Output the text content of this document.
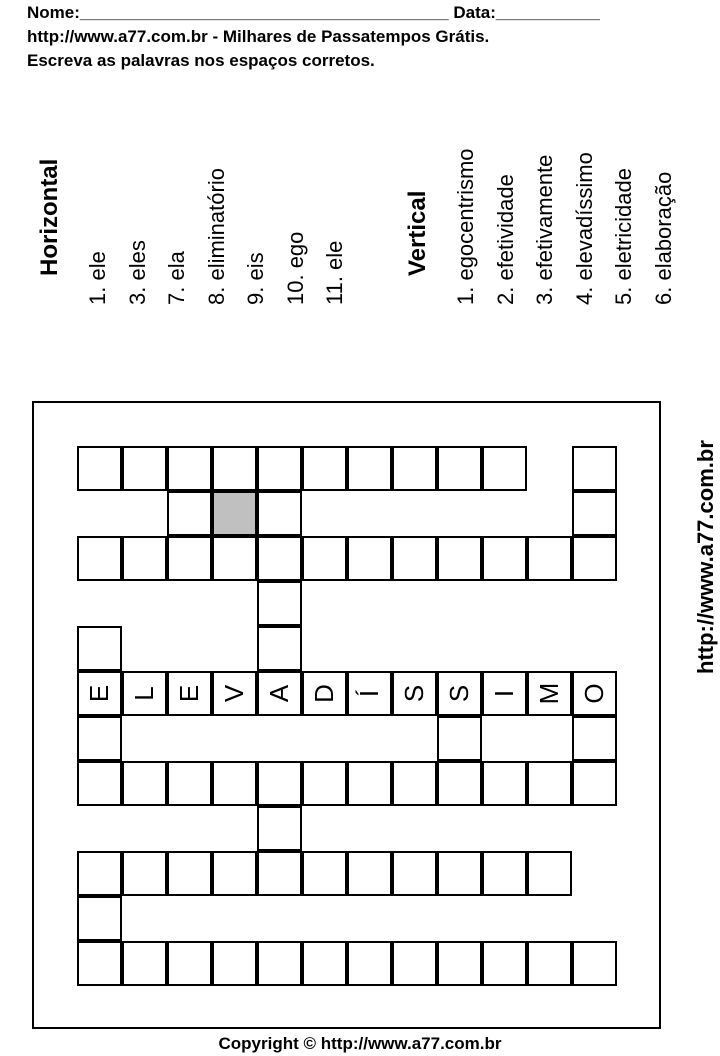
Nome:_______________________________________ Data:___________
http://www.a77.com.br - Milhares de Passatempos Grátis.
Escreva as palavras nos espaços corretos.
Horizontal
1. ele 3. eles 7. ela 8. eliminatório 9. eis 10. ego 11. ele Vertical 1. egocentrismo 2. efetividade 3. efetivamente 4. elevadíssimo 5. eletricidade 6. elaboração
http://www.a77.com.br
E L E V A D Í S S I M O
Copyright © http://www.a77.com.br
